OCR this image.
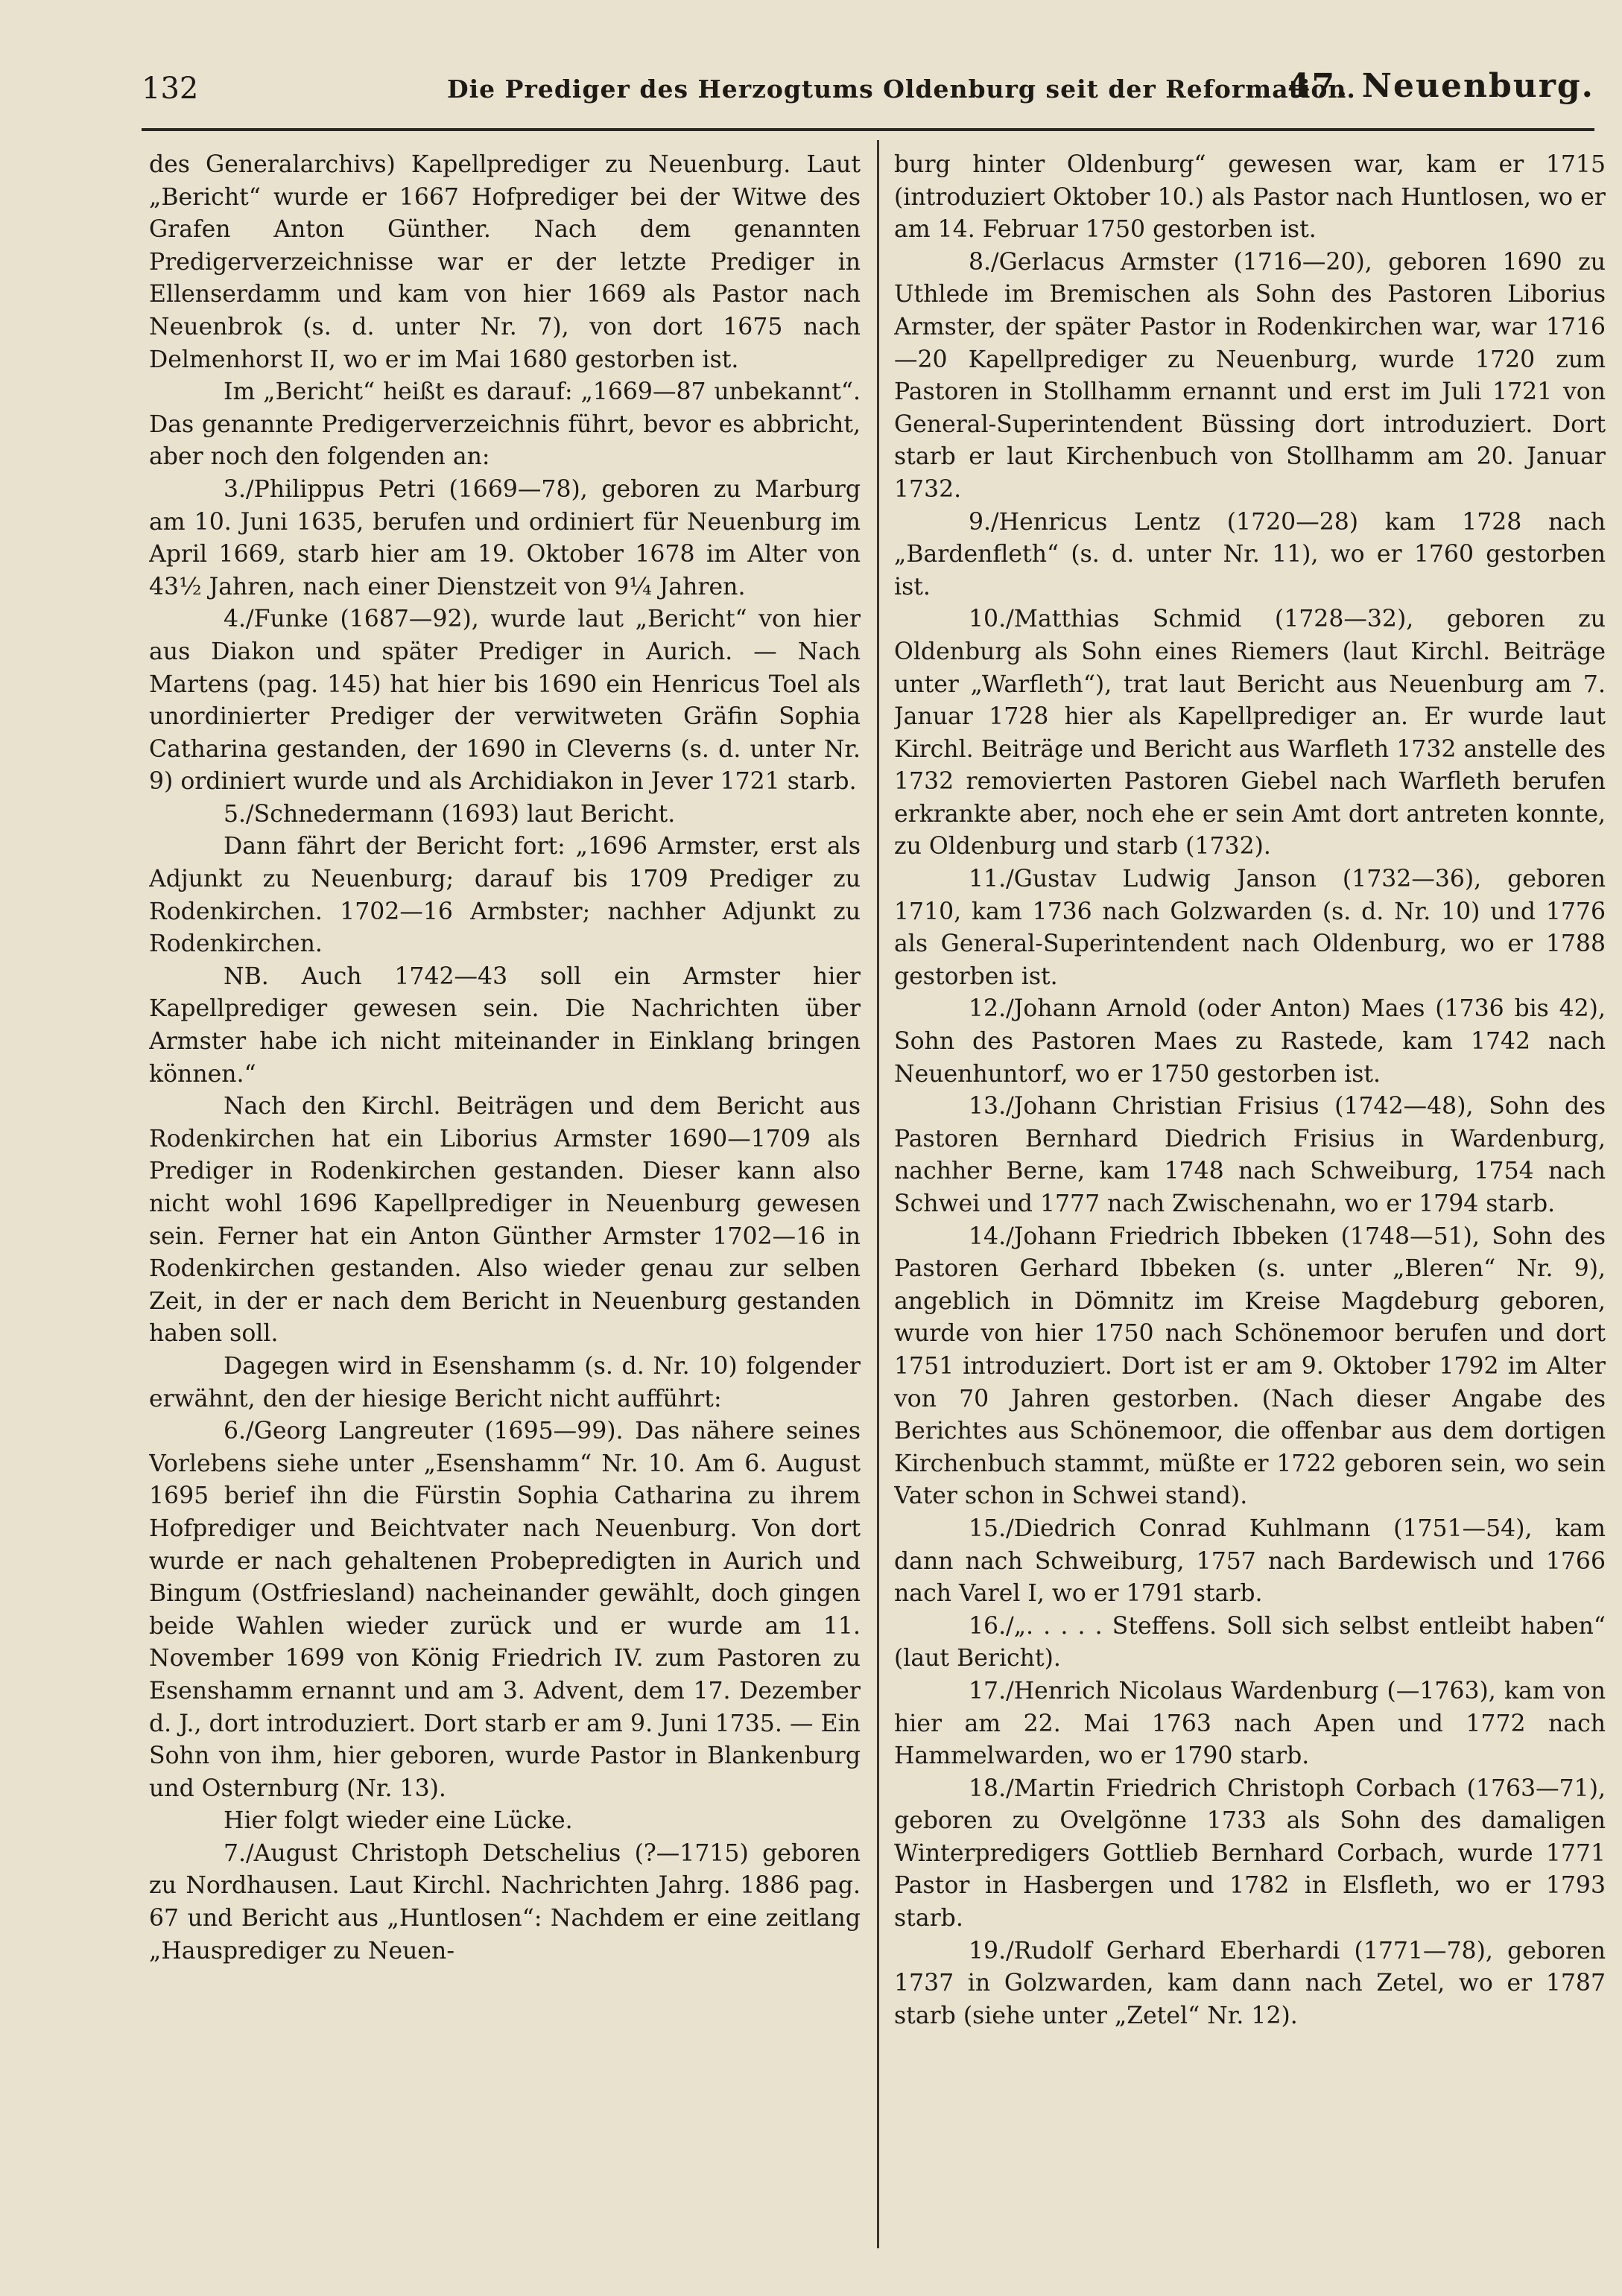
132	Die Prediger des Herzogtums Oldenburg seit der Reformation.
47. Neuenburg.

des Generalarchivs) Kapellprediger zu Neuenburg. Laut „Bericht“ wurde er 1667 Hofprediger bei der Witwe des Grafen Anton Günther. Nach dem genannten Predigerverzeichnisse war er der letzte Prediger in Ellenserdamm und kam von hier 1669 als Pastor nach Neuenbrok (s. d. unter Nr. 7), von dort 1675 nach Delmenhorst II, wo er im Mai 1680 gestorben ist.

Im „Bericht“ heißt es darauf: „1669—87 unbekannt“. Das genannte Predigerverzeichnis führt, bevor es abbricht, aber noch den folgenden an:

3./Philippus Petri (1669—78), geboren zu Marburg am 10. Juni 1635, berufen und ordiniert für Neuenburg im April 1669, starb hier am 19. Oktober 1678 im Alter von 43½ Jahren, nach einer Dienstzeit von 9¼ Jahren.

4./Funke (1687—92), wurde laut „Bericht“ von hier aus Diakon und später Prediger in Aurich. — Nach Martens (pag. 145) hat hier bis 1690 ein Henricus Toel als unordinierter Prediger der verwitweten Gräfin Sophia Catharina gestanden, der 1690 in Cleverns (s. d. unter Nr. 9) ordiniert wurde und als Archidiakon in Jever 1721 starb.

5./Schnedermann (1693) laut Bericht.

Dann fährt der Bericht fort: „1696 Armster, erst als Adjunkt zu Neuenburg; darauf bis 1709 Prediger zu Rodenkirchen. 1702—16 Armbster; nachher Adjunkt zu Rodenkirchen.

NB. Auch 1742—43 soll ein Armster hier Kapellprediger gewesen sein. Die Nachrichten über Armster habe ich nicht miteinander in Einklang bringen können.“

Nach den Kirchl. Beiträgen und dem Bericht aus Rodenkirchen hat ein Liborius Armster 1690—1709 als Prediger in Rodenkirchen gestanden. Dieser kann also nicht wohl 1696 Kapellprediger in Neuenburg gewesen sein. Ferner hat ein Anton Günther Armster 1702—16 in Rodenkirchen gestanden. Also wieder genau zur selben Zeit, in der er nach dem Bericht in Neuenburg gestanden haben soll.

Dagegen wird in Esenshamm (s. d. Nr. 10) folgender erwähnt, den der hiesige Bericht nicht aufführt:

6./Georg Langreuter (1695—99). Das nähere seines Vorlebens siehe unter „Esenshamm“ Nr. 10. Am 6. August 1695 berief ihn die Fürstin Sophia Catharina zu ihrem Hofprediger und Beichtvater nach Neuenburg. Von dort wurde er nach gehaltenen Probepredigten in Aurich und Bingum (Ostfriesland) nacheinander gewählt, doch gingen beide Wahlen wieder zurück und er wurde am 11. November 1699 von König Friedrich IV. zum Pastoren zu Esenshamm ernannt und am 3. Advent, dem 17. Dezember d. J., dort introduziert. Dort starb er am 9. Juni 1735. — Ein Sohn von ihm, hier geboren, wurde Pastor in Blankenburg und Osternburg (Nr. 13).

Hier folgt wieder eine Lücke.

7./August Christoph Detschelius (?—1715) geboren zu Nordhausen. Laut Kirchl. Nachrichten Jahrg. 1886 pag. 67 und Bericht aus „Huntlosen“: Nachdem er eine zeitlang „Hausprediger zu Neuen-

burg hinter Oldenburg“ gewesen war, kam er 1715 (introduziert Oktober 10.) als Pastor nach Huntlosen, wo er am 14. Februar 1750 gestorben ist.

8./Gerlacus Armster (1716—20), geboren 1690 zu Uthlede im Bremischen als Sohn des Pastoren Liborius Armster, der später Pastor in Rodenkirchen war, war 1716—20 Kapellprediger zu Neuenburg, wurde 1720 zum Pastoren in Stollhamm ernannt und erst im Juli 1721 von General-Superintendent Büssing dort introduziert. Dort starb er laut Kirchenbuch von Stollhamm am 20. Januar 1732.

9./Henricus Lentz (1720—28) kam 1728 nach „Bardenfleth“ (s. d. unter Nr. 11), wo er 1760 gestorben ist.

10./Matthias Schmid (1728—32), geboren zu Oldenburg als Sohn eines Riemers (laut Kirchl. Beiträge unter „Warfleth“), trat laut Bericht aus Neuenburg am 7. Januar 1728 hier als Kapellprediger an. Er wurde laut Kirchl. Beiträge und Bericht aus Warfleth 1732 anstelle des 1732 removierten Pastoren Giebel nach Warfleth berufen erkrankte aber, noch ehe er sein Amt dort antreten konnte, zu Oldenburg und starb (1732).

11./Gustav Ludwig Janson (1732—36), geboren 1710, kam 1736 nach Golzwarden (s. d. Nr. 10) und 1776 als General-Superintendent nach Oldenburg, wo er 1788 gestorben ist.

12./Johann Arnold (oder Anton) Maes (1736 bis 42), Sohn des Pastoren Maes zu Rastede, kam 1742 nach Neuenhuntorf, wo er 1750 gestorben ist.

13./Johann Christian Frisius (1742—48), Sohn des Pastoren Bernhard Diedrich Frisius in Wardenburg, nachher Berne, kam 1748 nach Schweiburg, 1754 nach Schwei und 1777 nach Zwischenahn, wo er 1794 starb.

14./Johann Friedrich Ibbeken (1748—51), Sohn des Pastoren Gerhard Ibbeken (s. unter „Bleren“ Nr. 9), angeblich in Dömnitz im Kreise Magdeburg geboren, wurde von hier 1750 nach Schönemoor berufen und dort 1751 introduziert. Dort ist er am 9. Oktober 1792 im Alter von 70 Jahren gestorben. (Nach dieser Angabe des Berichtes aus Schönemoor, die offenbar aus dem dortigen Kirchenbuch stammt, müßte er 1722 geboren sein, wo sein Vater schon in Schwei stand).

15./Diedrich Conrad Kuhlmann (1751—54), kam dann nach Schweiburg, 1757 nach Bardewisch und 1766 nach Varel I, wo er 1791 starb.

16./„. . . . . Steffens. Soll sich selbst entleibt haben“ (laut Bericht).

17./Henrich Nicolaus Wardenburg (—1763), kam von hier am 22. Mai 1763 nach Apen und 1772 nach Hammelwarden, wo er 1790 starb.

18./Martin Friedrich Christoph Corbach (1763—71), geboren zu Ovelgönne 1733 als Sohn des damaligen Winterpredigers Gottlieb Bernhard Corbach, wurde 1771 Pastor in Hasbergen und 1782 in Elsfleth, wo er 1793 starb.

19./Rudolf Gerhard Eberhardi (1771—78), geboren 1737 in Golzwarden, kam dann nach Zetel, wo er 1787 starb (siehe unter „Zetel“ Nr. 12).
